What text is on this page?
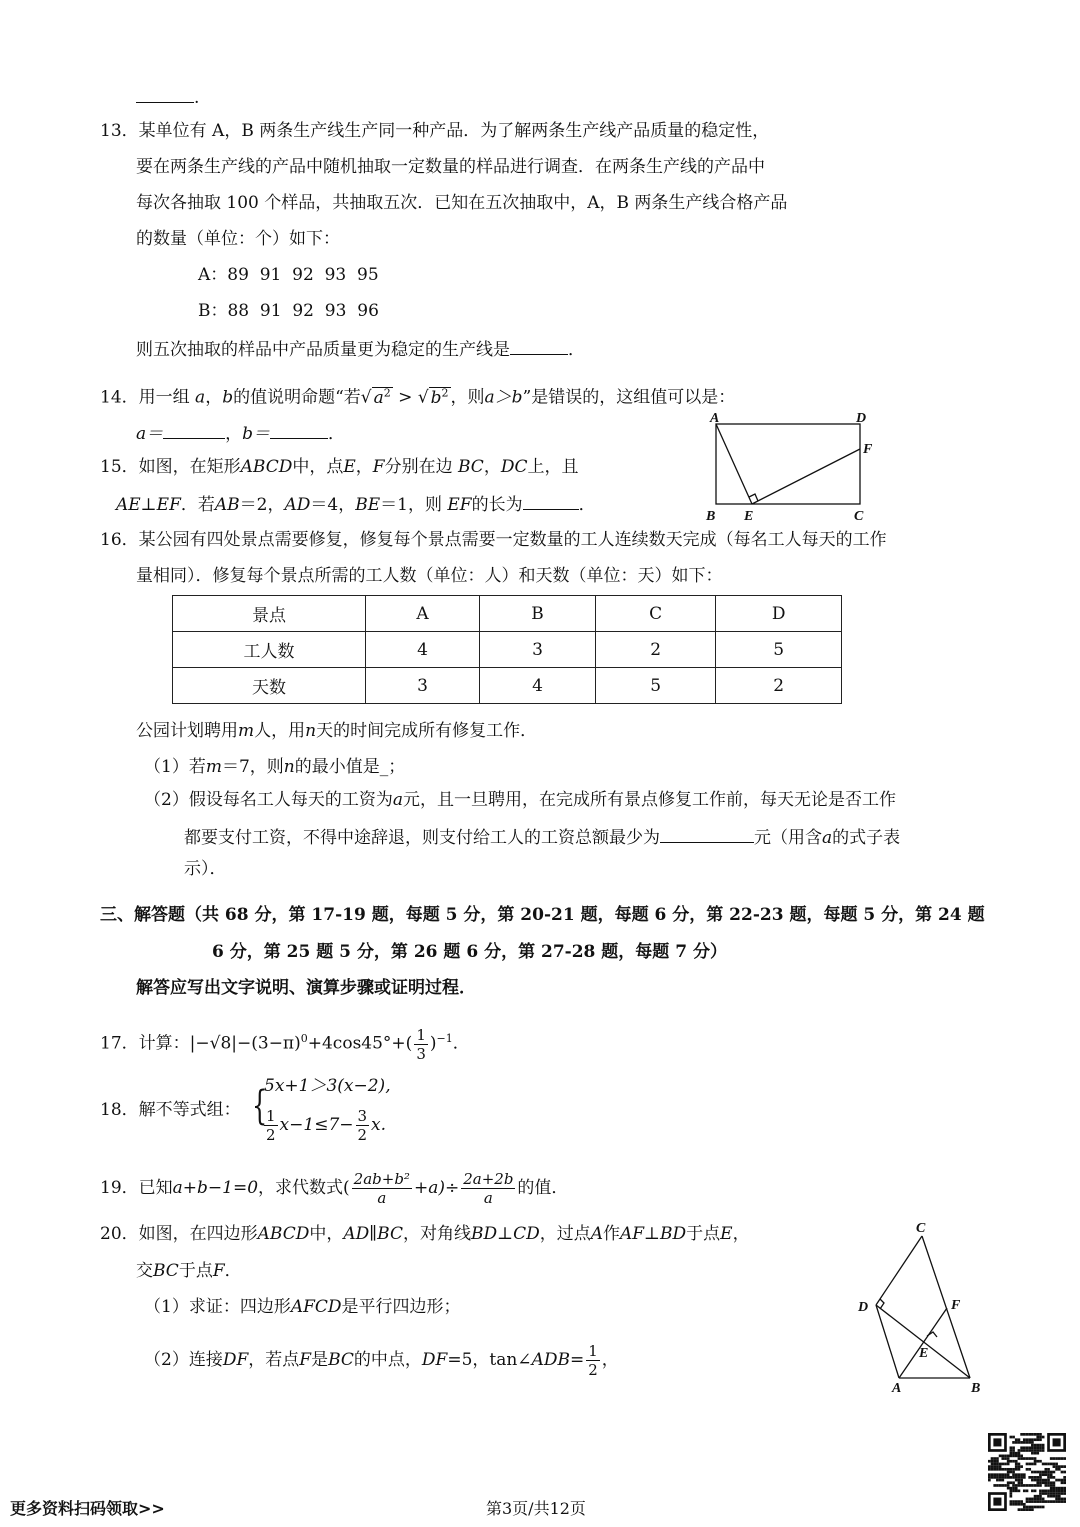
.
13．某单位有 A，B 两条生产线生产同一种产品．为了解两条生产线产品质量的稳定性，
要在两条生产线的产品中随机抽取一定数量的样品进行调查．在两条生产线的产品中
每次各抽取 100 个样品，共抽取五次．已知在五次抽取中，A，B 两条生产线合格产品
的数量（单位：个）如下：
A：89  91  92  93  95
B：88  91  92  93  96
则五次抽取的样品中产品质量更为稳定的生产线是	．
14．用一组 a，b的值说明命题“若√ $a^2$ > √ $b^2$ ，则a＞b”是错误的，这组值可以是：
a＝	，b＝	．
15．如图，在矩形ABCD中，点E，F分别在边 BC，DC上，且
AE⊥EF．若AB＝2，AD＝4，BE＝1，则 EF的长为	．
A	D
F
B E	C
16．某公园有四处景点需要修复，修复每个景点需要一定数量的工人连续数天完成（每名工人每天的工作
量相同）．修复每个景点所需的工人数（单位：人）和天数（单位：天）如下：
景点	A	B	C	D
工人数	4	3	2	5
天数	3	4	5	2
公园计划聘用m人，用n天的时间完成所有修复工作．
（1）若m＝7，则n的最小值是_；
（2）假设每名工人每天的工资为a元，且一旦聘用，在完成所有景点修复工作前，每天无论是否工作
都要支付工资，不得中途辞退，则支付给工人的工资总额最少为	元（用含a的式子表
示）．
三、解答题（共 68 分，第 17-19 题，每题 5 分，第 20-21 题，每题 6 分，第 22-23 题，每题 5 分，第 24 题
6 分，第 25 题 5 分，第 26 题 6 分，第 27-28 题，每题 7 分）
解答应写出文字说明、演算步骤或证明过程．
17．计算：$|-√8|-(3-\pi)^0+4\cos 45^\circ+( \frac{1}{3} )^{-1}$．
18．解不等式组： {
5x+1＞3(x−2),
$\frac{1}{2} x-1\le 7- \frac{3}{2} x$.
19．已知a+b−1=0，求代数式( $\frac{\text{2ab+b²}}{a} +a)\div \frac{2a+2b}{a}$ 的值．
20．如图，在四边形ABCD中，AD∥BC，对角线BD⊥CD，过点A作AF⊥BD于点E，
交BC于点F．
（1）求证：四边形AFCD是平行四边形；
（2）连接DF，若点F是BC的中点，DF=5，tan∠ADB= $\frac{1}{2}$ ，
C
D	F
E
A	B
更多资料扫码领取>>	第3页/共12页
